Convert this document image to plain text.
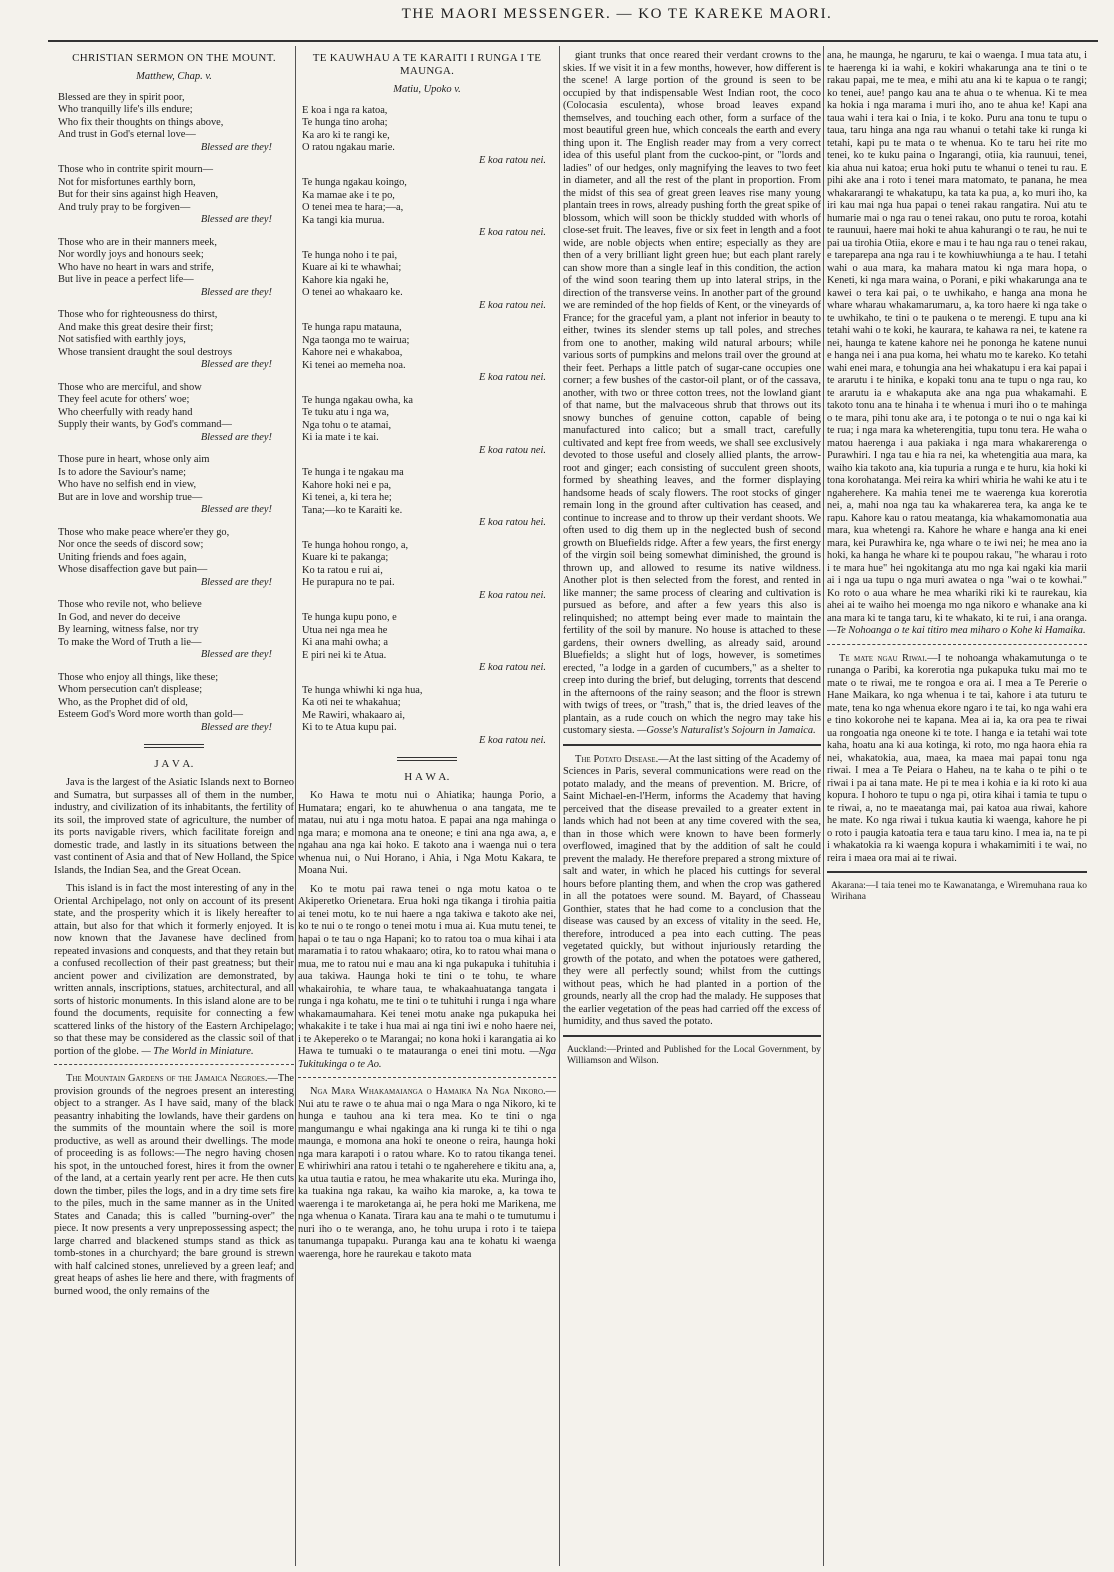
THE MAORI MESSENGER. — KO TE KAREKE MAORI.
CHRISTIAN SERMON ON THE MOUNT.
Matthew, Chap. v.
Blessed are they in spirit poor,
Who tranquilly life's ills endure;
Who fix their thoughts on things above,
And trust in God's eternal love—
Blessed are they!
Those who in contrite spirit mourn—
Not for misfortunes earthly born,
But for their sins against high Heaven,
And truly pray to be forgiven—
Blessed are they!
Those who are in their manners meek,
Nor wordly joys and honours seek;
Who have no heart in wars and strife,
But live in peace a perfect life—
Blessed are they!
Those who for righteousness do thirst,
And make this great desire their first;
Not satisfied with earthly joys,
Whose transient draught the soul destroys
Blessed are they!
Those who are merciful, and show
They feel acute for others' woe;
Who cheerfully with ready hand
Supply their wants, by God's command—
Blessed are they!
Those pure in heart, whose only aim
Is to adore the Saviour's name;
Who have no selfish end in view,
But are in love and worship true—
Blessed are they!
Those who make peace where'er they go,
Nor once the seeds of discord sow;
Uniting friends and foes again,
Whose disaffection gave but pain—
Blessed are they!
Those who revile not, who believe
In God, and never do deceive
By learning, witness false, nor try
To make the Word of Truth a lie—
Blessed are they!
Those who enjoy all things, like these;
Whom persecution can't displease;
Who, as the Prophet did of old,
Esteem God's Word more worth than gold—
Blessed are they!
J A V A.

Java is the largest of the Asiatic Islands next to Borneo and Sumatra, but surpasses all of them in the number, industry, and civilization of its inhabitants, the fertility of its soil, the improved state of agriculture, the number of its ports navigable rivers, which facilitate foreign and domestic trade, and lastly in its situations between the vast continent of Asia and that of New Holland, the Spice Islands, the Indian Sea, and the Great Ocean.

This island is in fact the most interesting of any in the Oriental Archipelago, not only on account of its present state, and the prosperity which it is likely hereafter to attain, but also for that which it formerly enjoyed. It is now known that the Javanese have declined from repeated invasions and conquests, and that they retain but a confused recollection of their past greatness; but their ancient power and civilization are demonstrated, by written annals, inscriptions, statues, architectural, and all sorts of historic monuments. In this island alone are to be found the documents, requisite for connecting a few scattered links of the history of the Eastern Archipelago; so that these may be considered as the classic soil of that portion of the globe. — The World in Miniature.

The Mountain Gardens of the Jamaica Negroes.—The provision grounds of the negroes present an interesting object to a stranger. As I have said, many of the black peasantry inhabiting the lowlands, have their gardens on the summits of the mountain where the soil is more productive, as well as around their dwellings. The mode of proceeding is as follows:—The negro having chosen his spot, in the untouched forest, hires it from the owner of the land, at a certain yearly rent per acre. He then cuts down the timber, piles the logs, and in a dry time sets fire to the piles, much in the same manner as in the United States and Canada; this is called "burning-over" the piece. It now presents a very unprepossessing aspect; the large charred and blackened stumps stand as thick as tomb-stones in a churchyard; the bare ground is strewn with half calcined stones, unrelieved by a green leaf; and great heaps of ashes lie here and there, with fragments of burned wood, the only remains of the

TE KAUWHAU A TE KARAITI I RUNGA I TE MAUNGA.
Matiu, Upoko v.
E koa i nga ra katoa,
Te hunga tino aroha;
Ka aro ki te rangi ke,
O ratou ngakau marie.
E koa ratou nei.
Te hunga ngakau koingo,
Ka mamae ake i te po,
O tenei mea te hara;—a,
Ka tangi kia murua.
E koa ratou nei.
Te hunga noho i te pai,
Kuare ai ki te whawhai;
Kahore kia ngaki he,
O tenei ao whakaaro ke.
E koa ratou nei.
Te hunga rapu matauna,
Nga taonga mo te wairua;
Kahore nei e whakaboa,
Ki tenei ao memeha noa.
E koa ratou nei.
Te hunga ngakau owha, ka
Te tuku atu i nga wa,
Nga tohu o te atamai,
Ki ia mate i te kai.
E koa ratou nei.
Te hunga i te ngakau ma
Kahore hoki nei e pa,
Ki tenei, a, ki tera he;
Tana;—ko te Karaiti ke.
E koa ratou hei.
Te hunga hohou rongo, a,
Kuare ki te pakanga;
Ko ta ratou e rui ai,
He purapura no te pai.
E koa ratou nei.
Te hunga kupu pono, e
Utua nei nga mea he
Ki ana mahi owha; a
E piri nei ki te Atua.
E koa ratou nei.
Te hunga whiwhi ki nga hua,
Ka oti nei te whakahua;
Me Rawiri, whakaaro ai,
Ki to te Atua kupu pai.
E koa ratou nei.
H A W A.

Ko Hawa te motu nui o Ahiatika; haunga Porio, a Humatara; engari, ko te ahuwhenua o ana tangata, me te matau, nui atu i nga motu hatoa. E papai ana nga mahinga o nga mara; e momona ana te oneone; e tini ana nga awa, a, e ngahau ana nga kai hoko. E takoto ana i waenga nui o tera whenua nui, o Nui Horano, i Ahia, i Nga Motu Kakara, te Moana Nui.

Ko te motu pai rawa tenei o nga motu katoa o te Akiperetko Orienetara. Erua hoki nga tikanga i tirohia paitia ai tenei motu, ko te nui haere a nga takiwa e takoto ake nei, ko te nui o te rongo o tenei motu i mua ai. Kua mutu tenei, te hapai o te tau o nga Hapani; ko to ratou toa o mua kihai i ata maramatia i to ratou whakaaro; otira, ko to ratou whai mana o mua, me to ratou nui e mau ana ki nga pukapuka i tuhituhia i aua takiwa. Haunga hoki te tini o te tohu, te whare whakairohia, te whare taua, te whakaahuatanga tangata i runga i nga kohatu, me te tini o te tuhituhi i runga i nga whare whakamaumahara. Kei tenei motu anake nga pukapuka hei whakakite i te take i hua mai ai nga tini iwi e noho haere nei, i te Akepereko o te Marangai; no kona hoki i karangatia ai ko Hawa te tumuaki o te matauranga o enei tini motu. —Nga Tukitukinga o te Ao.

Nga Mara Whakamaianga o Hamaika Na Nga Nikoro.—Nui atu te rawe o te ahua mai o nga Mara o nga Nikoro, ki te hunga e tauhou ana ki tera mea. Ko te tini o nga mangumangu e whai ngakinga ana ki runga ki te tihi o nga maunga, e momona ana hoki te oneone o reira, haunga hoki nga mara karapoti i o ratou whare. Ko to ratou tikanga tenei. E whiriwhiri ana ratou i tetahi o te ngaherehere e tikitu ana, a, ka utua tautia e ratou, he mea whakarite utu eka. Muringa iho, ka tuakina nga rakau, ka waiho kia maroke, a, ka towa te waerenga i te maroketanga ai, he pera hoki me Marikena, me nga whenua o Kanata. Tirara kau ana te mahi o te tumutumu i nuri iho o te weranga, ano, he tohu urupa i roto i te taiepa tanumanga tupapaku. Puranga kau ana te kohatu ki waenga waerenga, hore he raurekau e takoto mata

giant trunks that once reared their verdant crowns to the skies. If we visit it in a few months, however, how different is the scene! A large portion of the ground is seen to be occupied by that indispensable West Indian root, the coco (Colocasia esculenta), whose broad leaves expand themselves, and touching each other, form a surface of the most beautiful green hue, which conceals the earth and every thing upon it. The English reader may from a very correct idea of this useful plant from the cuckoo-pint, or "lords and ladies" of our hedges, only magnifying the leaves to two feet in diameter, and all the rest of the plant in proportion. From the midst of this sea of great green leaves rise many young plantain trees in rows, already pushing forth the great spike of blossom, which will soon be thickly studded with whorls of close-set fruit. The leaves, five or six feet in length and a foot wide, are noble objects when entire; especially as they are then of a very brilliant light green hue; but each plant rarely can show more than a single leaf in this condition, the action of the wind soon tearing them up into lateral strips, in the direction of the transverse veins. In another part of the ground we are reminded of the hop fields of Kent, or the vineyards of France; for the graceful yam, a plant not inferior in beauty to either, twines its slender stems up tall poles, and streches from one to another, making wild natural arbours; while various sorts of pumpkins and melons trail over the ground at their feet. Perhaps a little patch of sugar-cane occupies one corner; a few bushes of the castor-oil plant, or of the cassava, another, with two or three cotton trees, not the lowland giant of that name, but the malvaceous shrub that throws out its snowy bunches of genuine cotton, capable of being manufactured into calico; but a small tract, carefully cultivated and kept free from weeds, we shall see exclusively devoted to those useful and closely allied plants, the arrow-root and ginger; each consisting of succulent green shoots, formed by sheathing leaves, and the former displaying handsome heads of scaly flowers. The root stocks of ginger remain long in the ground after cultivation has ceased, and continue to increase and to throw up their verdant shoots. We often used to dig them up in the neglected bush of second growth on Bluefields ridge. After a few years, the first energy of the virgin soil being somewhat diminished, the ground is thrown up, and allowed to resume its native wildness. Another plot is then selected from the forest, and rented in like manner; the same process of clearing and cultivation is pursued as before, and after a few years this also is relinquished; no attempt being ever made to maintain the fertility of the soil by manure. No house is attached to these gardens, their owners dwelling, as already said, around Bluefields; a slight hut of logs, however, is sometimes erected, "a lodge in a garden of cucumbers," as a shelter to creep into during the brief, but deluging, torrents that descend in the afternoons of the rainy season; and the floor is strewn with twigs of trees, or "trash," that is, the dried leaves of the plantain, as a rude couch on which the negro may take his customary siesta. —Gosse's Naturalist's Sojourn in Jamaica.

The Potato Disease.—At the last sitting of the Academy of Sciences in Paris, several communications were read on the potato malady, and the means of prevention. M. Bricre, of Saint Michael-en-l'Herm, informs the Academy that having perceived that the disease prevailed to a greater extent in lands which had not been at any time covered with the sea, than in those which were known to have been formerly overflowed, imagined that by the addition of salt he could prevent the malady. He therefore prepared a strong mixture of salt and water, in which he placed his cuttings for several hours before planting them, and when the crop was gathered in all the potatoes were sound. M. Bayard, of Chasseau Gonthier, states that he had come to a conclusion that the disease was caused by an excess of vitality in the seed. He, therefore, introduced a pea into each cutting. The peas vegetated quickly, but without injuriously retarding the growth of the potato, and when the potatoes were gathered, they were all perfectly sound; whilst from the cuttings without peas, which he had planted in a portion of the grounds, nearly all the crop had the malady. He supposes that the earlier vegetation of the peas had carried off the excess of humidity, and thus saved the potato.

Auckland:—Printed and Published for the Local Government, by Williamson and Wilson.

ana, he maunga, he ngaruru, te kai o waenga. I mua tata atu, i te haerenga ki ia wahi, e kokiri whakarunga ana te tini o te rakau papai, me te mea, e mihi atu ana ki te kapua o te rangi; ko tenei, aue! pango kau ana te ahua o te whenua. Ki te mea ka hokia i nga marama i muri iho, ano te ahua ke! Kapi ana taua wahi i tera kai o Inia, i te koko. Puru ana tonu te tupu o taua, taru hinga ana nga rau whanui o tetahi take ki runga ki tetahi, kapi pu te mata o te whenua. Ko te taru hei rite mo tenei, ko te kuku paina o Ingarangi, otiia, kia raunuui, tenei, kia ahua nui katoa; erua hoki putu te whanui o tenei tu rau. E pihi ake ana i roto i tenei mara matomato, te panana, he mea whakararangi te whakatupu, ka tata ka pua, a, ko muri iho, ka iri kau mai nga hua papai o tenei rakau rangatira. Nui atu te humarie mai o nga rau o tenei rakau, ono putu te roroa, kotahi te raunuui, haere mai hoki te ahua kahurangi o te rau, he nui te pai ua tirohia Otiia, ekore e mau i te hau nga rau o tenei rakau, e tareparepa ana nga rau i te kowhiuwhiunga a te hau. I tetahi wahi o aua mara, ka mahara matou ki nga mara hopa, o Keneti, ki nga mara waina, o Porani, e piki whakarunga ana te kawei o tera kai pai, o te uwhikaho, e hanga ana mona he whare wharau whakamarumaru, a, ka toro haere ki nga take o te uwhikaho, te tini o te paukena o te merengi. E tupu ana ki tetahi wahi o te koki, he kaurara, te kahawa ra nei, te katene ra nei, haunga te katene kahore nei he pononga he katene nunui e hanga nei i ana pua koma, hei whatu mo te kareko. Ko tetahi wahi enei mara, e tohungia ana hei whakatupu i era kai papai i te ararutu i te hinika, e kopaki tonu ana te tupu o nga rau, ko te ararutu ia e whakaputa ake ana nga pua whakamahi. E takoto tonu ana te hinaha i te whenua i muri iho o te mahinga o te mara, pihi tonu ake ara, i te potonga o te nui o nga kai ki te rua; i nga mara ka wheterengitia, tupu tonu tera. He waha o matou haerenga i aua pakiaka i nga mara whakarerenga o Purawhiri. I nga tau e hia ra nei, ka whetengitia aua mara, ka waiho kia takoto ana, kia tupuria a runga e te huru, kia hoki ki tona korohatanga. Mei reira ka whiri whiria he wahi ke atu i te ngaherehere. Ka mahia tenei me te waerenga kua korerotia nei, a, mahi noa nga tau ka whakarerea tera, ka anga ke te rapu. Kahore kau o ratou meatanga, kia whakamomonatia aua mara, kua whetengi ra. Kahore he whare e hanga ana ki enei mara, kei Purawhira ke, nga whare o te iwi nei; he mea ano ia hoki, ka hanga he whare ki te poupou rakau, "he wharau i roto i te mara hue" hei ngokitanga atu mo nga kai ngaki kia marii ai i nga ua tupu o nga muri awatea o nga "wai o te kowhai." Ko roto o aua whare he mea whariki riki ki te raurekau, kia ahei ai te waiho hei moenga mo nga nikoro e whanake ana ki ana mara ki te tanga taru, ki te whakato, ki te rui, i ana oranga. —Te Nohoanga o te kai titiro mea miharo o Kohe ki Hamaika.

Te mate ngau Riwai.—I te nohoanga whakamutunga o te runanga o Paribi, ka korerotia nga pukapuka tuku mai mo te mate o te riwai, me te rongoa e ora ai. I mea a Te Pererie o Hane Maikara, ko nga whenua i te tai, kahore i ata tuturu te mate, tena ko nga whenua ekore ngaro i te tai, ko nga wahi era e tino kokorohe nei te kapana. Mea ai ia, ka ora pea te riwai ua rongoatia nga oneone ki te tote. I hanga e ia tetahi wai tote kaha, hoatu ana ki aua kotinga, ki roto, mo nga haora ehia ra nei, whakatokia, aua, maea, ka maea mai papai tonu nga riwai. I mea a Te Peiara o Haheu, na te kaha o te pihi o te riwai i pa ai tana mate. He pi te mea i kohia e ia ki roto ki aua kopura. I hohoro te tupu o nga pi, otira kihai i tamia te tupu o te riwai, a, no te maeatanga mai, pai katoa aua riwai, kahore he mate. Ko nga riwai i tukua kautia ki waenga, kahore he pi o roto i paugia katoatia tera e taua taru kino. I mea ia, na te pi i whakatokia ra ki waenga kopura i whakamimiti i te wai, no reira i maea ora mai ai te riwai.

Akarana:—I taia tenei mo te Kawanatanga, e Wiremuhana raua ko Wirihana
